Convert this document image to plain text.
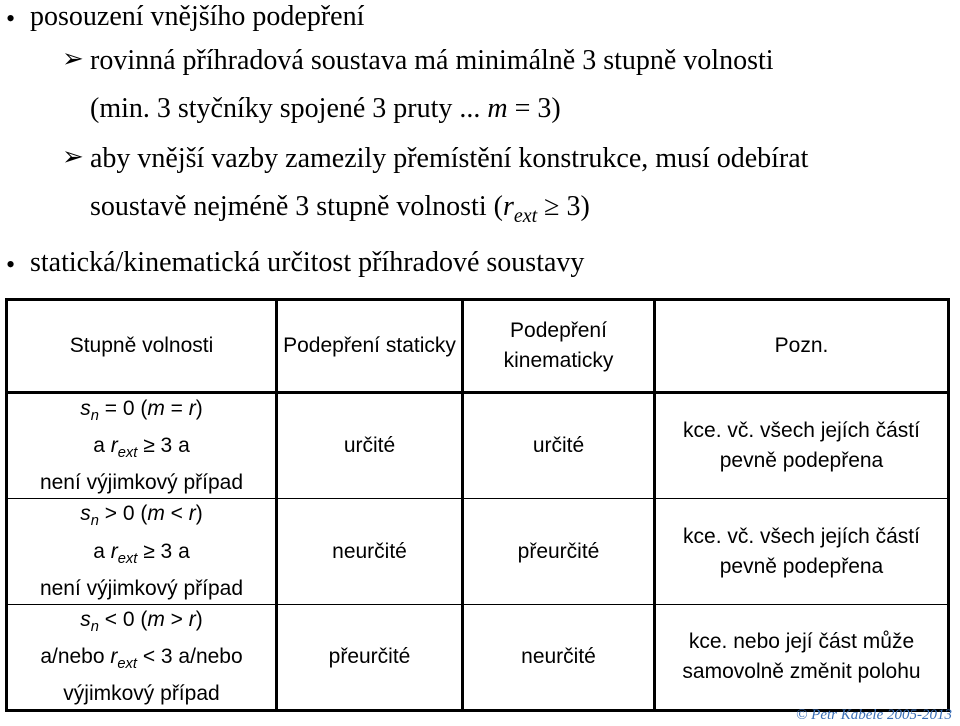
• posouzení vnějšího podepření
➢ rovinná příhradová soustava má minimálně 3 stupně volnosti
(min. 3 styčníky spojené 3 pruty ... m = 3)
➢ aby vnější vazby zamezily přemístění konstrukce, musí odebírat
soustavě nejméně 3 stupně volnosti $(r_{ext} \ge 3)$
• statická/kinematická určitost příhradové soustavy
Stupně volnosti	Podepření staticky	Podepření kinematicky	Pozn.

$s_n = 0$ (m = r)
a $r_{ext} \ge 3$ a
není výjimkový případ	určité	určité	kce. vč. všech jejích částí pevně podepřena

$s_n > 0$ (m < r)
a $r_{ext} \ge 3$ a
není výjimkový případ	neurčité	přeurčité	kce. vč. všech jejích částí pevně podepřena

$s_n < 0$ (m > r)
a/nebo $r_{ext} < 3$ a/nebo
výjimkový případ	přeurčité	neurčité	kce. nebo její část může samovolně změnit polohu
© Petr Kabele 2005-2013
